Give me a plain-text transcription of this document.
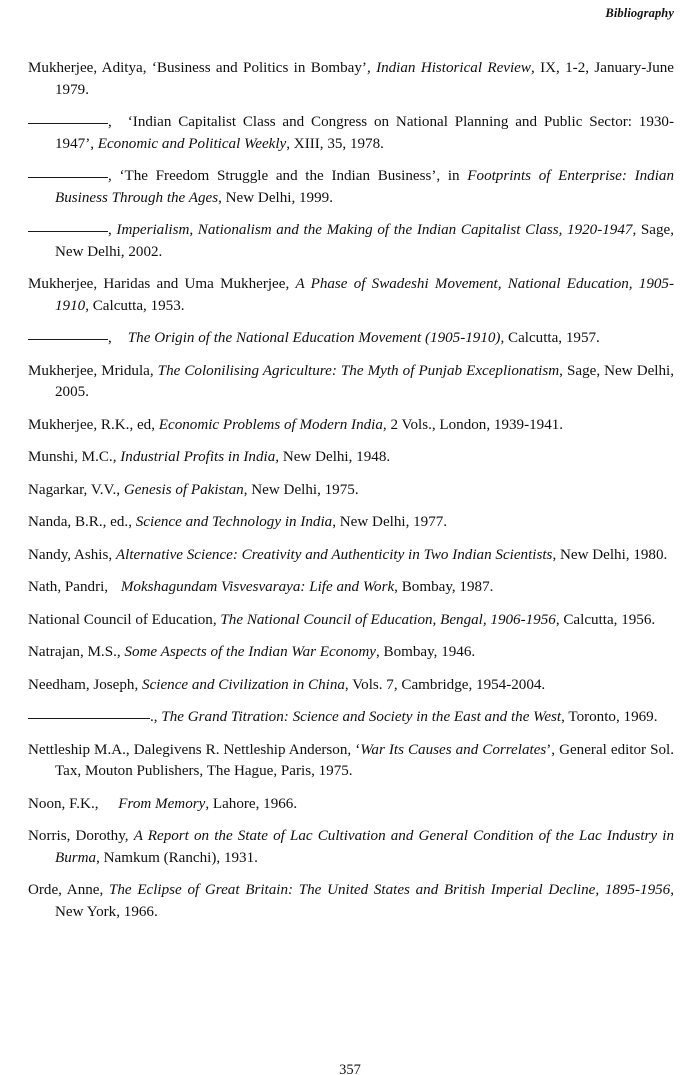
Bibliography

Mukherjee, Aditya, ‘Business and Politics in Bombay’, Indian Historical Review, IX, 1-2, January-June 1979.

, ‘Indian Capitalist Class and Congress on National Planning and Public Sector: 1930-1947’, Economic and Political Weekly, XIII, 35, 1978.

, ‘The Freedom Struggle and the Indian Business’, in Footprints of Enterprise: Indian Business Through the Ages, New Delhi, 1999.

, Imperialism, Nationalism and the Making of the Indian Capitalist Class, 1920-1947, Sage, New Delhi, 2002.

Mukherjee, Haridas and Uma Mukherjee, A Phase of Swadeshi Movement, National Education, 1905-1910, Calcutta, 1953.

, The Origin of the National Education Movement (1905-1910), Calcutta, 1957.

Mukherjee, Mridula, The Colonilising Agriculture: The Myth of Punjab Exceplionatism, Sage, New Delhi, 2005.

Mukherjee, R.K., ed, Economic Problems of Modern India, 2 Vols., London, 1939-1941.

Munshi, M.C., Industrial Profits in India, New Delhi, 1948.

Nagarkar, V.V., Genesis of Pakistan, New Delhi, 1975.

Nanda, B.R., ed., Science and Technology in India, New Delhi, 1977.

Nandy, Ashis, Alternative Science: Creativity and Authenticity in Two Indian Scientists, New Delhi, 1980.

Nath, Pandri, Mokshagundam Visvesvaraya: Life and Work, Bombay, 1987.

National Council of Education, The National Council of Education, Bengal, 1906-1956, Calcutta, 1956.

Natrajan, M.S., Some Aspects of the Indian War Economy, Bombay, 1946.

Needham, Joseph, Science and Civilization in China, Vols. 7, Cambridge, 1954-2004.

., The Grand Titration: Science and Society in the East and the West, Toronto, 1969.

Nettleship M.A., Dalegivens R. Nettleship Anderson, ‘War Its Causes and Correlates’, General editor Sol. Tax, Mouton Publishers, The Hague, Paris, 1975.

Noon, F.K., From Memory, Lahore, 1966.

Norris, Dorothy, A Report on the State of Lac Cultivation and General Condition of the Lac Industry in Burma, Namkum (Ranchi), 1931.

Orde, Anne, The Eclipse of Great Britain: The United States and British Imperial Decline, 1895-1956, New York, 1966.

357
